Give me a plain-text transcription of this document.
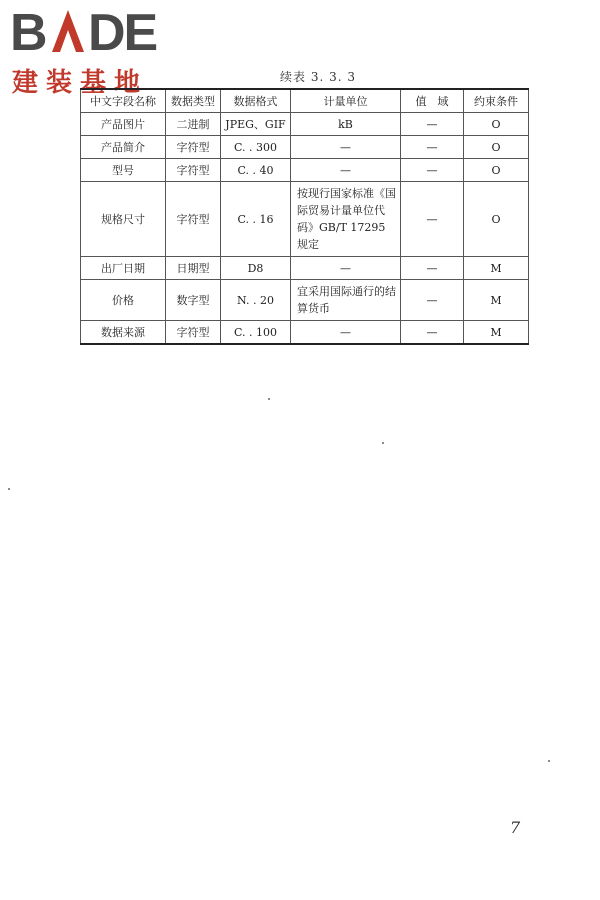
B DE
建装基地	续表 3. 3. 3
中文字段名称	数据类型	数据格式	计量单位	值　域	约束条件
产品图片	二进制	JPEG、GIF	kB	—	O
产品简介	字符型	C. . 300	—	—	O
型号	字符型	C. . 40	—	—	O
规格尺寸	字符型	C. . 16	按现行国家标准《国际贸易计量单位代码》GB/T 17295 规定	—	O
出厂日期	日期型	D8	—	—	M
价格	数字型	N. . 20	宜采用国际通行的结算货币	—	M
数据来源	字符型	C. . 100	—	—	M
7
